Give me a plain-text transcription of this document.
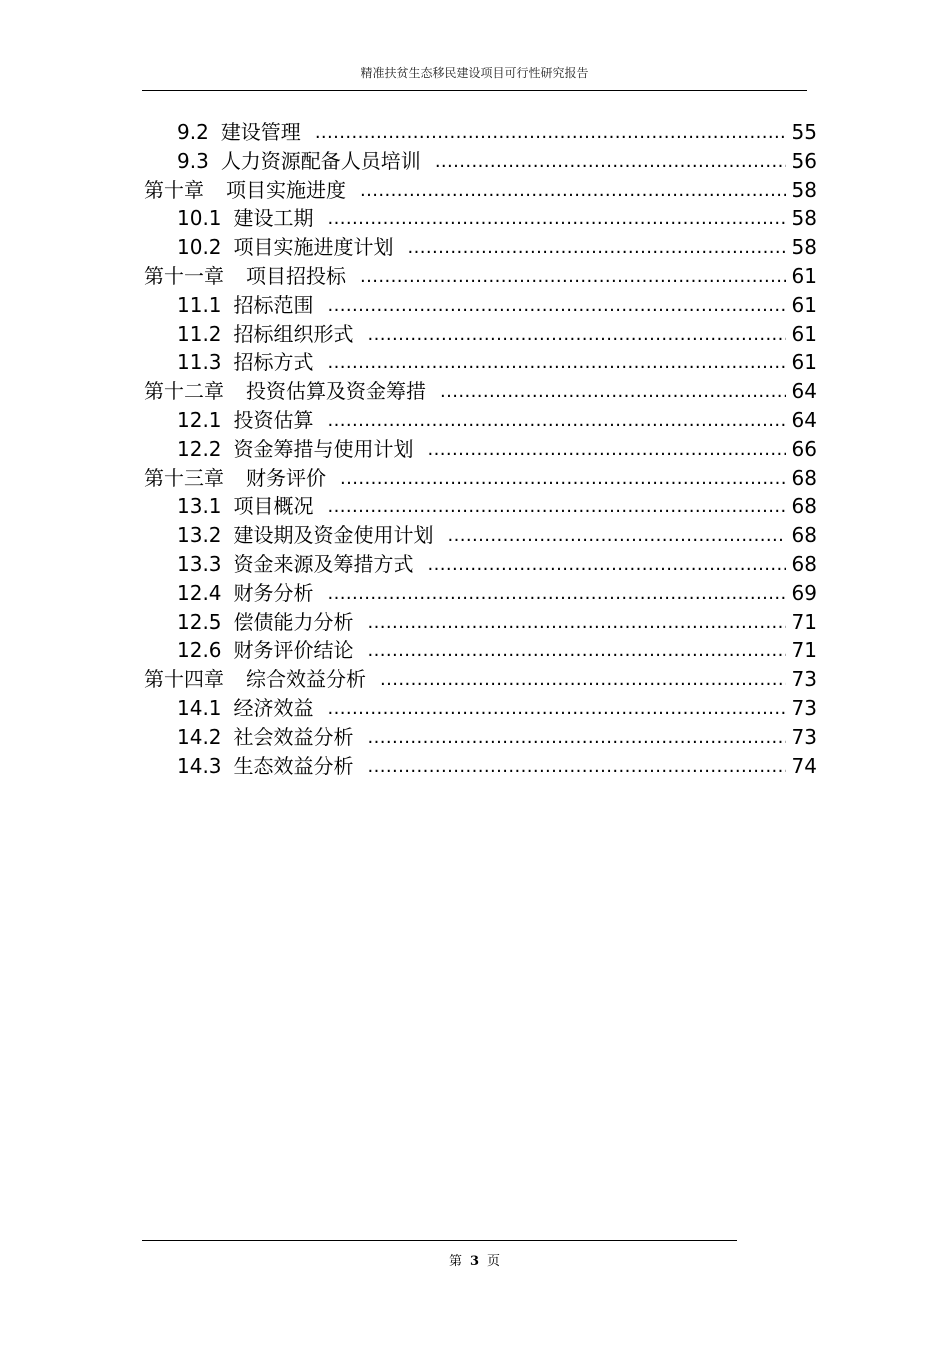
精准扶贫生态移民建设项目可行性研究报告
9.2 建设管理 .....	55
9.3 人力资源配备人员培训 .....	56
第十章 项目实施进度 .....	58
10.1 建设工期 .....	58
10.2 项目实施进度计划 .....	58
第十一章 项目招投标 .....	61
11.1 招标范围 .....	61
11.2 招标组织形式 .....	61
11.3 招标方式 .....	61
第十二章 投资估算及资金筹措 .....	64
12.1 投资估算 .....	64
12.2 资金筹措与使用计划 .....	66
第十三章 财务评价 .....	68
13.1 项目概况 .....	68
13.2 建设期及资金使用计划 .....	68
13.3 资金来源及筹措方式 .....	68
12.4 财务分析 .....	69
12.5 偿债能力分析 .....	71
12.6 财务评价结论 .....	71
第十四章 综合效益分析 .....	73
14.1 经济效益 .....	73
14.2 社会效益分析 .....	73
14.3 生态效益分析 .....	74
第 3 页
